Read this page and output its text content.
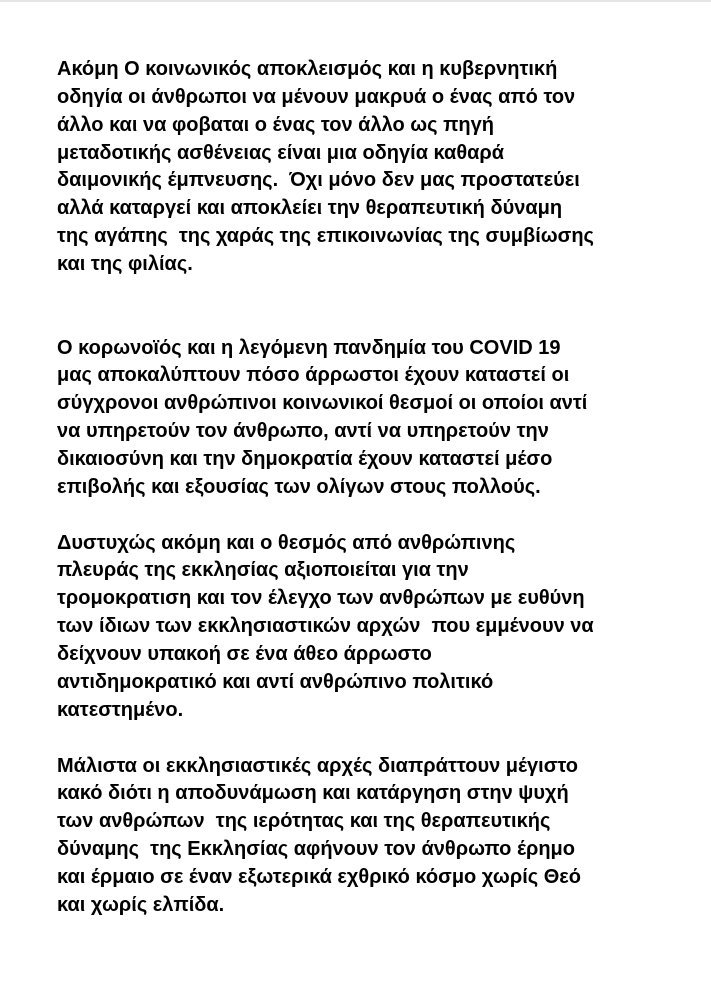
Ακόμη Ο κοινωνικός αποκλεισμός και η κυβερνητική
οδηγία οι άνθρωποι να μένουν μακρυά ο ένας από τον
άλλο και να φοβαται ο ένας τον άλλο ως πηγή
μεταδοτικής ασθένειας είναι μια οδηγία καθαρά
δαιμονικής έμπνευσης.  Όχι μόνο δεν μας προστατεύει
αλλά καταργεί και αποκλείει την θεραπευτική δύναμη
της αγάπης  της χαράς της επικοινωνίας της συμβίωσης
και της φιλίας.
Ο κορωνοϊός και η λεγόμενη πανδημία του COVID 19
μας αποκαλύπτουν πόσο άρρωστοι έχουν καταστεί οι
σύγχρονοι ανθρώπινοι κοινωνικοί θεσμοί οι οποίοι αντί
να υπηρετούν τον άνθρωπο, αντί να υπηρετούν την
δικαιοσύνη και την δημοκρατία έχουν καταστεί μέσο
επιβολής και εξουσίας των ολίγων στους πολλούς.
Δυστυχώς ακόμη και ο θεσμός από ανθρώπινης
πλευράς της εκκλησίας αξιοποιείται για την
τρομοκρατιση και τον έλεγχο των ανθρώπων με ευθύνη
των ίδιων των εκκλησιαστικών αρχών  που εμμένουν να
δείχνουν υπακοή σε ένα άθεο άρρωστο
αντιδημοκρατικό και αντί ανθρώπινο πολιτικό
κατεστημένο.
Μάλιστα οι εκκλησιαστικές αρχές διαπράττουν μέγιστο
κακό διότι η αποδυνάμωση και κατάργηση στην ψυχή
των ανθρώπων  της ιερότητας και της θεραπευτικής
δύναμης  της Εκκλησίας αφήνουν τον άνθρωπο έρημο
και έρμαιο σε έναν εξωτερικά εχθρικό κόσμο χωρίς Θεό
και χωρίς ελπίδα.
